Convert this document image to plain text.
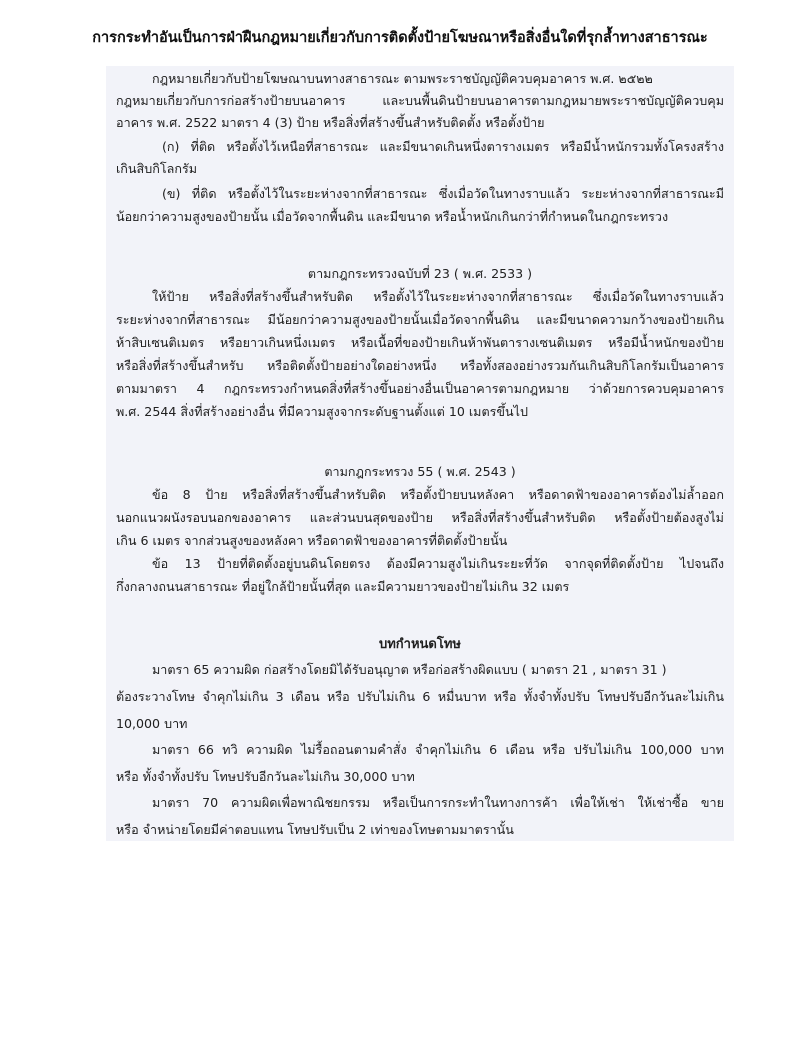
การกระทำอันเป็นการฝ่าฝืนกฎหมายเกี่ยวกับการติดตั้งป้ายโฆษณาหรือสิ่งอื่นใดที่รุกล้ำทางสาธารณะ
กฎหมายเกี่ยวกับป้ายโฆษณาบนทางสาธารณะ ตามพระราชบัญญัติควบคุมอาคาร พ.ศ. ๒๕๒๒
กฎหมายเกี่ยวกับการก่อสร้างป้ายบนอาคาร และบนพื้นดินป้ายบนอาคารตามกฎหมายพระราชบัญญัติควบคุม
อาคาร พ.ศ. 2522 มาตรา 4 (3) ป้าย หรือสิ่งที่สร้างขึ้นสำหรับติดตั้ง หรือตั้งป้าย
(ก) ที่ติด หรือตั้งไว้เหนือที่สาธารณะ และมีขนาดเกินหนึ่งตารางเมตร หรือมีน้ำหนักรวมทั้งโครงสร้าง
เกินสิบกิโลกรัม
(ข) ที่ติด หรือตั้งไว้ในระยะห่างจากที่สาธารณะ ซึ่งเมื่อวัดในทางราบแล้ว ระยะห่างจากที่สาธารณะมี
น้อยกว่าความสูงของป้ายนั้น เมื่อวัดจากพื้นดิน และมีขนาด หรือน้ำหนักเกินกว่าที่กำหนดในกฎกระทรวง
ตามกฎกระทรวงฉบับที่ 23 ( พ.ศ. 2533 )
ให้ป้าย หรือสิ่งที่สร้างขึ้นสำหรับติด หรือตั้งไว้ในระยะห่างจากที่สาธารณะ ซึ่งเมื่อวัดในทางราบแล้ว
ระยะห่างจากที่สาธารณะ มีน้อยกว่าความสูงของป้ายนั้นเมื่อวัดจากพื้นดิน และมีขนาดความกว้างของป้ายเกิน
ห้าสิบเซนติเมตร หรือยาวเกินหนึ่งเมตร หรือเนื้อที่ของป้ายเกินห้าพันตารางเซนติเมตร หรือมีน้ำหนักของป้าย
หรือสิ่งที่สร้างขึ้นสำหรับ หรือติดตั้งป้ายอย่างใดอย่างหนึ่ง หรือทั้งสองอย่างรวมกันเกินสิบกิโลกรัมเป็นอาคาร
ตามมาตรา 4 กฎกระทรวงกำหนดสิ่งที่สร้างขึ้นอย่างอื่นเป็นอาคารตามกฎหมาย ว่าด้วยการควบคุมอาคาร
พ.ศ. 2544 สิ่งที่สร้างอย่างอื่น ที่มีความสูงจากระดับฐานตั้งแต่ 10 เมตรขึ้นไป
ตามกฎกระทรวง 55 ( พ.ศ. 2543 )
ข้อ 8 ป้าย หรือสิ่งที่สร้างขึ้นสำหรับติด หรือตั้งป้ายบนหลังคา หรือดาดฟ้าของอาคารต้องไม่ล้ำออก
นอกแนวผนังรอบนอกของอาคาร และส่วนบนสุดของป้าย หรือสิ่งที่สร้างขึ้นสำหรับติด หรือตั้งป้ายต้องสูงไม่
เกิน 6 เมตร จากส่วนสูงของหลังคา หรือดาดฟ้าของอาคารที่ติดตั้งป้ายนั้น
ข้อ 13 ป้ายที่ติดตั้งอยู่บนดินโดยตรง ต้องมีความสูงไม่เกินระยะที่วัด จากจุดที่ติดตั้งป้าย ไปจนถึง
กึ่งกลางถนนสาธารณะ ที่อยู่ใกล้ป้ายนั้นที่สุด และมีความยาวของป้ายไม่เกิน 32 เมตร
บทกำหนดโทษ
มาตรา 65 ความผิด ก่อสร้างโดยมิได้รับอนุญาต หรือก่อสร้างผิดแบบ ( มาตรา 21 , มาตรา 31 )
ต้องระวางโทษ จำคุกไม่เกิน 3 เดือน หรือ ปรับไม่เกิน 6 หมื่นบาท หรือ ทั้งจำทั้งปรับ โทษปรับอีกวันละไม่เกิน
10,000 บาท
มาตรา 66 ทวิ ความผิด ไม่รื้อถอนตามคำสั่ง จำคุกไม่เกิน 6 เดือน หรือ ปรับไม่เกิน 100,000 บาท
หรือ ทั้งจำทั้งปรับ โทษปรับอีกวันละไม่เกิน 30,000 บาท
มาตรา 70 ความผิดเพื่อพาณิชยกรรม หรือเป็นการกระทำในทางการค้า เพื่อให้เช่า ให้เช่าซื้อ ขาย
หรือ จำหน่ายโดยมีค่าตอบแทน โทษปรับเป็น 2 เท่าของโทษตามมาตรานั้น
